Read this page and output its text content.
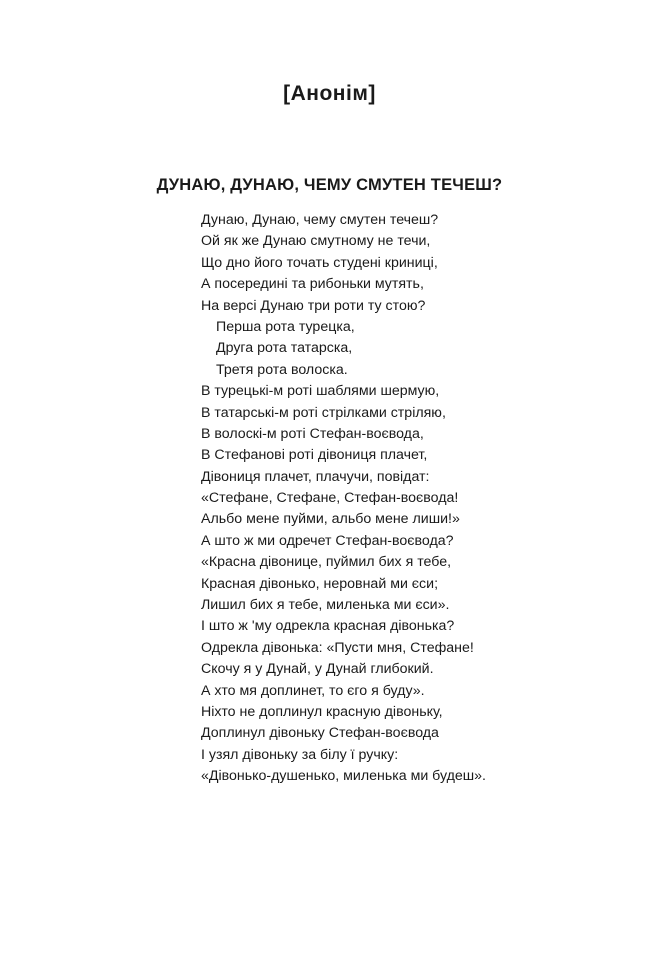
[Анонім]
ДУНАЮ, ДУНАЮ, ЧЕМУ СМУТЕН ТЕЧЕШ?
Дунаю, Дунаю, чему смутен течеш?
Ой як же Дунаю смутному не течи,
Що дно його точать студені криниці,
А посередині та рибоньки мутять,
На версі Дунаю три роти ту стою?
Перша рота турецка,
Друга рота татарска,
Третя рота волоска.
В турецькі-м роті шаблями шермую,
В татарські-м роті стрілками стріляю,
В волоскі-м роті Стефан-воєвода,
В Стефанові роті дівониця плачет,
Дівониця плачет, плачучи, повідат:
«Стефане, Стефане, Стефан-воєвода!
Альбо мене пуйми, альбо мене лиши!»
А што ж ми одречет Стефан-воєвода?
«Красна дівонице, пуймил бих я тебе,
Красная дівонько, неровнай ми єси;
Лишил бих я тебе, миленька ми єси».
І што ж 'му одрекла красная дівонька?
Одрекла дівонька: «Пусти мня, Стефане!
Скочу я у Дунай, у Дунай глибокий.
А хто мя доплинет, то єго я буду».
Ніхто не доплинул красную дівоньку,
Доплинул дівоньку Стефан-воєвода
І узял дівоньку за білу ї ручку:
«Дівонько-душенько, миленька ми будеш».
